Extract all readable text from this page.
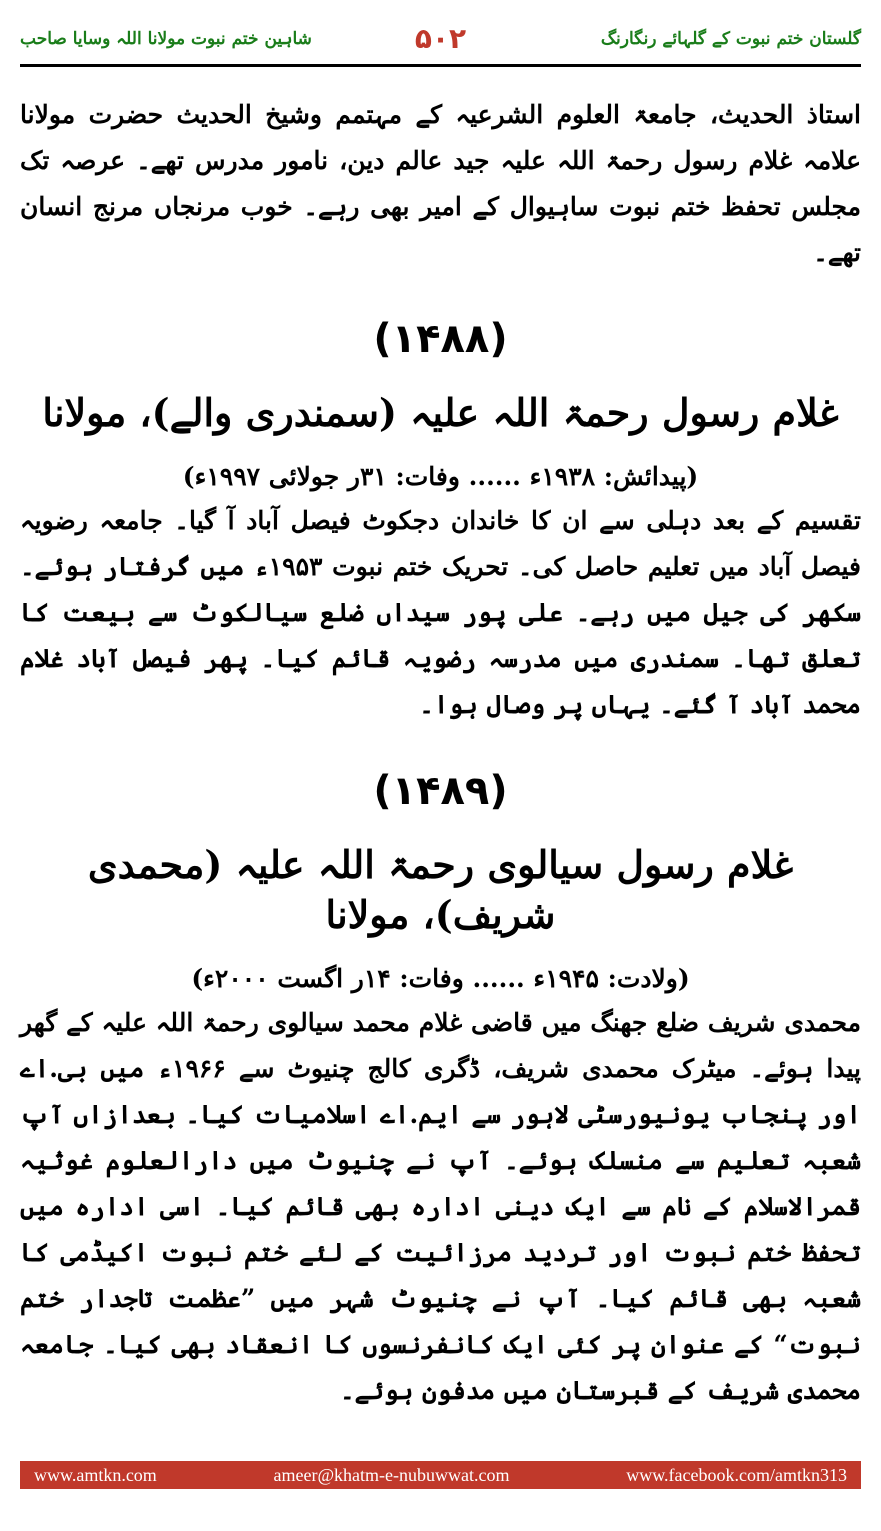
گلستان ختم نبوت کے گلہائے رنگارنگ
۵۰۲
شاہین ختم نبوت مولانا اللہ وسایا صاحب

استاذ الحدیث، جامعۃ العلوم الشرعیہ کے مہتمم وشیخ الحدیث حضرت مولانا علامہ غلام رسول رحمۃ اللہ علیہ جید عالم دین، نامور مدرس تھے۔ عرصہ تک مجلس تحفظ ختم نبوت ساہیوال کے امیر بھی رہے۔ خوب مرنجاں مرنج انسان تھے۔

(۱۴۸۸)
غلام رسول رحمۃ اللہ علیہ (سمندری والے)، مولانا
(پیدائش: ۱۹۳۸ء ...... وفات: ۳۱ر جولائی ۱۹۹۷ء)

تقسیم کے بعد دہلی سے ان کا خاندان دجکوٹ فیصل آباد آ گیا۔ جامعہ رضویہ فیصل آباد میں تعلیم حاصل کی۔ تحریک ختم نبوت ۱۹۵۳ء میں گرفتار ہوئے۔ سکھر کی جیل میں رہے۔ علی پور سیداں ضلع سیالکوٹ سے بیعت کا تعلق تھا۔ سمندری میں مدرسہ رضویہ قائم کیا۔ پھر فیصل آباد غلام محمد آباد آ گئے۔ یہاں پر وصال ہوا۔

(۱۴۸۹)
غلام رسول سیالوی رحمۃ اللہ علیہ (محمدی شریف)، مولانا
(ولادت: ۱۹۴۵ء ...... وفات: ۱۴ر اگست ۲۰۰۰ء)

محمدی شریف ضلع جھنگ میں قاضی غلام محمد سیالوی رحمۃ اللہ علیہ کے گھر پیدا ہوئے۔ میٹرک محمدی شریف، ڈگری کالج چنیوٹ سے ۱۹۶۶ء میں بی.اے اور پنجاب یونیورسٹی لاہور سے ایم.اے اسلامیات کیا۔ بعدازاں آپ شعبہ تعلیم سے منسلک ہوئے۔ آپ نے چنیوٹ میں دارالعلوم غوثیہ قمرالاسلام کے نام سے ایک دینی ادارہ بھی قائم کیا۔ اسی ادارہ میں تحفظ ختم نبوت اور تردید مرزائیت کے لئے ختم نبوت اکیڈمی کا شعبہ بھی قائم کیا۔ آپ نے چنیوٹ شہر میں ”عظمت تاجدار ختم نبوت“ کے عنوان پر کئی ایک کانفرنسوں کا انعقاد بھی کیا۔ جامعہ محمدی شریف کے قبرستان میں مدفون ہوئے۔

www.amtkn.com	ameer@khatm-e-nubuwwat.com	www.facebook.com/amtkn313
